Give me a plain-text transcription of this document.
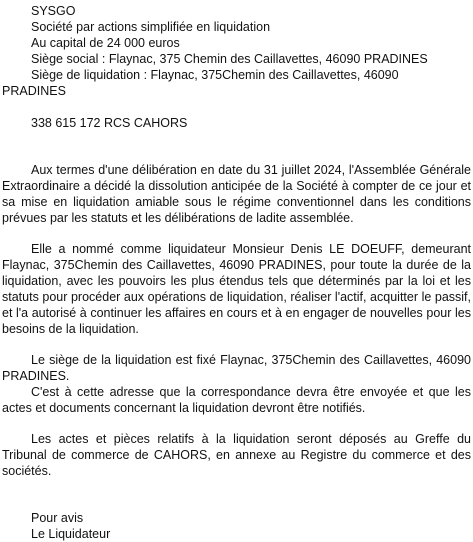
SYSGO
Société par actions simplifiée en liquidation
Au capital de 24 000 euros
Siège social : Flaynac, 375 Chemin des Caillavettes, 46090 PRADINES
Siège de liquidation : Flaynac, 375Chemin des Caillavettes, 46090
PRADINES
338 615 172 RCS CAHORS

Aux termes d'une délibération en date du 31 juillet 2024, l'Assemblée Générale Extraordinaire a décidé la dissolution anticipée de la Société à compter de ce jour et sa mise en liquidation amiable sous le régime conventionnel dans les conditions prévues par les statuts et les délibérations de ladite assemblée.

Elle a nommé comme liquidateur Monsieur Denis LE DOEUFF, demeurant Flaynac, 375Chemin des Caillavettes, 46090 PRADINES, pour toute la durée de la liquidation, avec les pouvoirs les plus étendus tels que déterminés par la loi et les statuts pour procéder aux opérations de liquidation, réaliser l'actif, acquitter le passif, et l'a autorisé à continuer les affaires en cours et à en engager de nouvelles pour les besoins de la liquidation.

Le siège de la liquidation est fixé Flaynac, 375Chemin des Caillavettes, 46090 PRADINES.

C'est à cette adresse que la correspondance devra être envoyée et que les actes et documents concernant la liquidation devront être notifiés.

Les actes et pièces relatifs à la liquidation seront déposés au Greffe du Tribunal de commerce de CAHORS, en annexe au Registre du commerce et des sociétés.

Pour avis
Le Liquidateur
